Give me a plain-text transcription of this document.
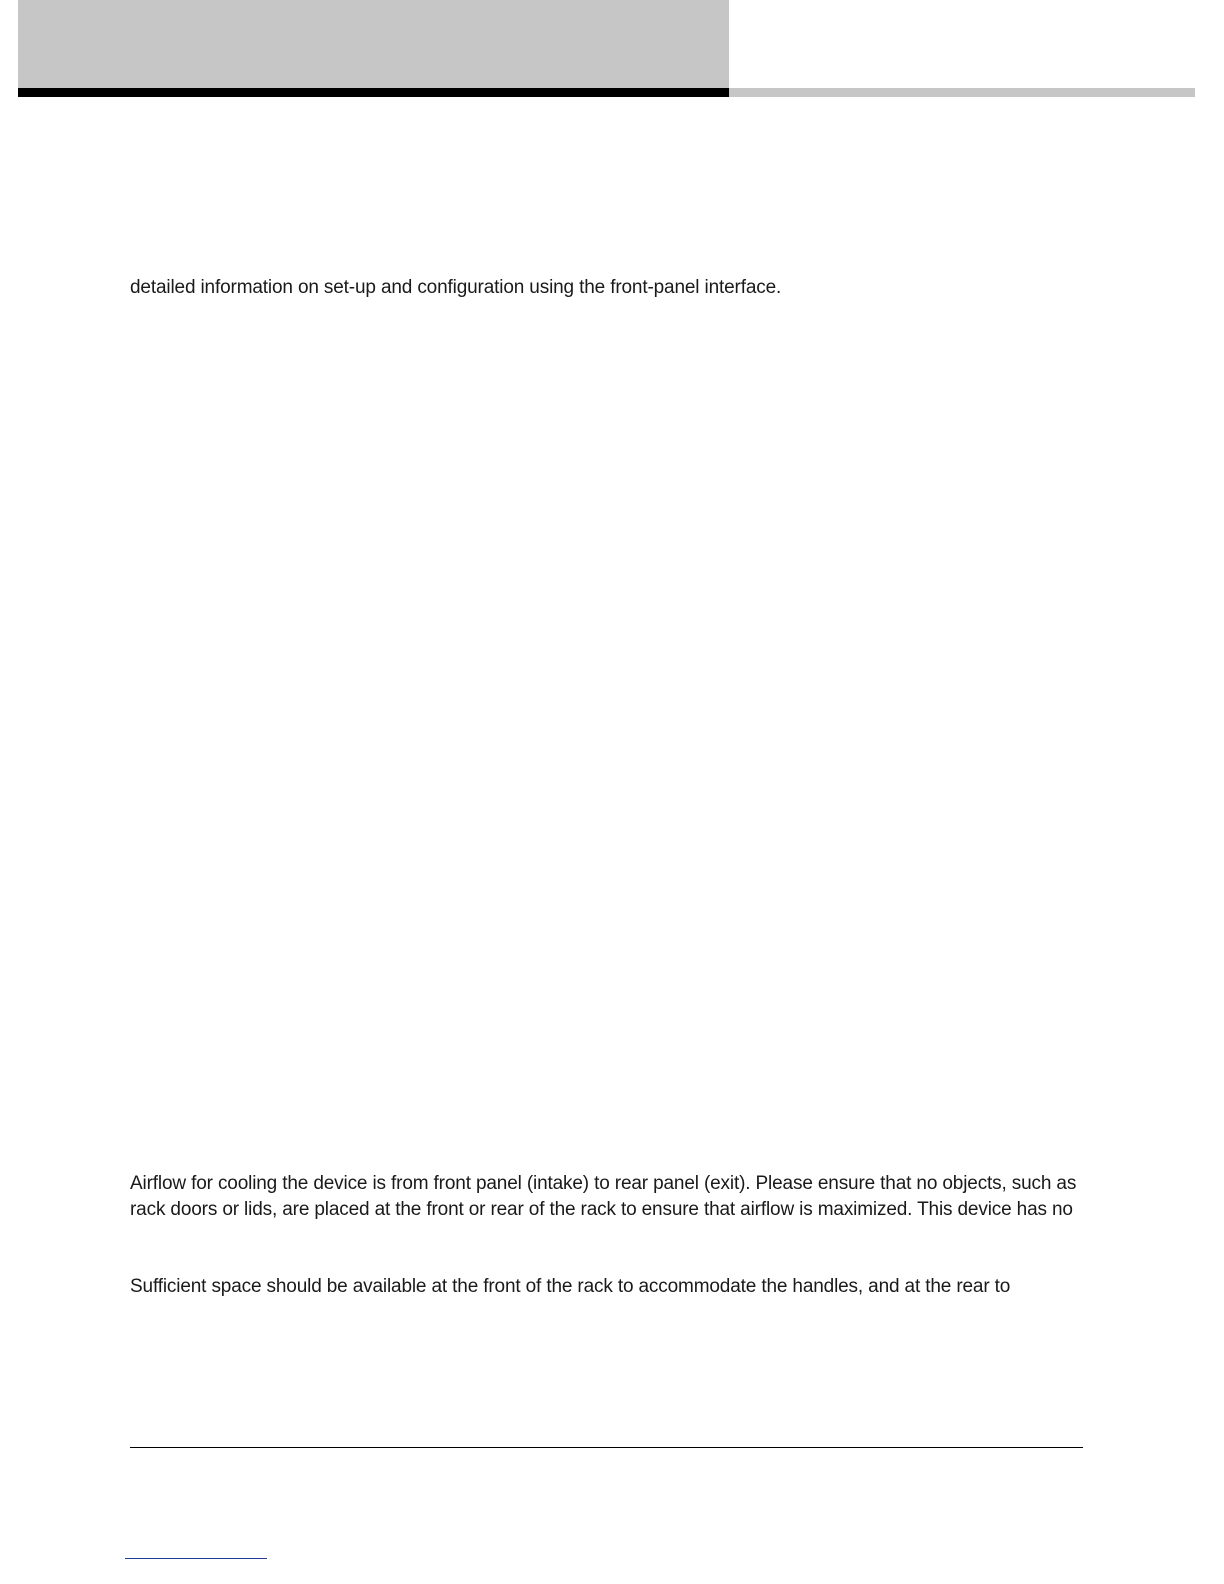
detailed information on set-up and configuration using the front-panel interface.

Airflow for cooling the device is from front panel (intake) to rear panel (exit). Please ensure that no objects, such as
rack doors or lids, are placed at the front or rear of the rack to ensure that airflow is maximized. This device has no

Sufficient space should be available at the front of the rack to accommodate the handles, and at the rear to
